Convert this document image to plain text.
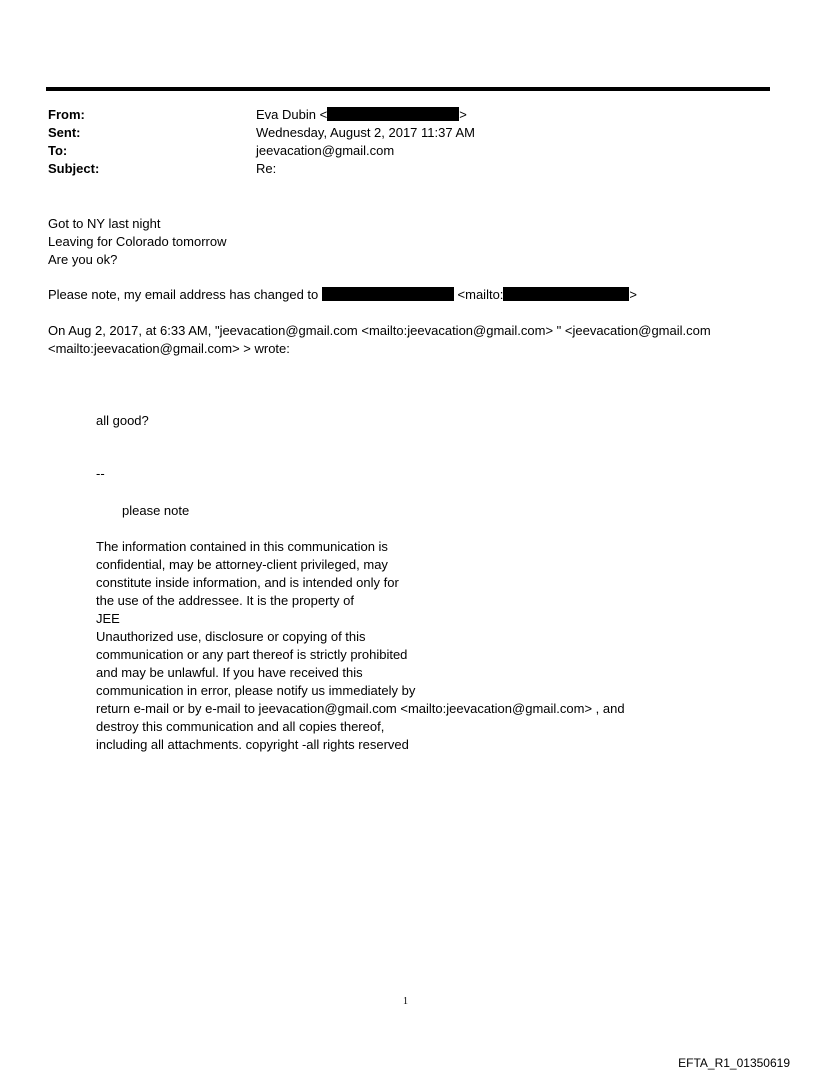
From:	Eva Dubin <	>
Sent:	Wednesday, August 2, 2017 11:37 AM
To:	jeevacation@gmail.com
Subject:	Re:
Got to NY last night
Leaving for Colorado tomorrow
Are you ok?
Please note, my email address has changed to	<mailto:	>
On Aug 2, 2017, at 6:33 AM, "jeevacation@gmail.com <mailto:jeevacation@gmail.com> " <jeevacation@gmail.com
<mailto:jeevacation@gmail.com> > wrote:
all good?
--
please note
The information contained in this communication is
confidential, may be attorney-client privileged, may
constitute inside information, and is intended only for
the use of the addressee. It is the property of
JEE
Unauthorized use, disclosure or copying of this
communication or any part thereof is strictly prohibited
and may be unlawful. If you have received this
communication in error, please notify us immediately by
return e-mail or by e-mail to jeevacation@gmail.com <mailto:jeevacation@gmail.com> , and
destroy this communication and all copies thereof,
including all attachments. copyright -all rights reserved
1
EFTA_R1_01350619
